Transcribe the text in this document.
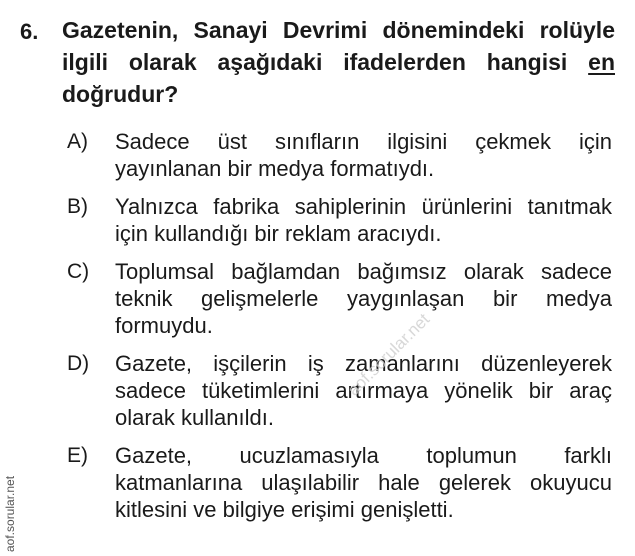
6. Gazetenin, Sanayi Devrimi dönemindeki rolüyle ilgili olarak aşağıdaki ifadelerden hangisi en doğrudur?
A) Sadece üst sınıfların ilgisini çekmek için yayınlanan bir medya formatıydı.
B) Yalnızca fabrika sahiplerinin ürünlerini tanıtmak için kullandığı bir reklam aracıydı.
C) Toplumsal bağlamdan bağımsız olarak sadece teknik gelişmelerle yaygınlaşan bir medya formuydu.
D) Gazete, işçilerin iş zamanlarını düzenleyerek sadece tüketimlerini artırmaya yönelik bir araç olarak kullanıldı.
E) Gazete, ucuzlamasıyla toplumun farklı katmanlarına ulaşılabilir hale gelerek okuyucu kitlesini ve bilgiye erişimi genişletti.
aof.sorular.net
aof.sorular.net
